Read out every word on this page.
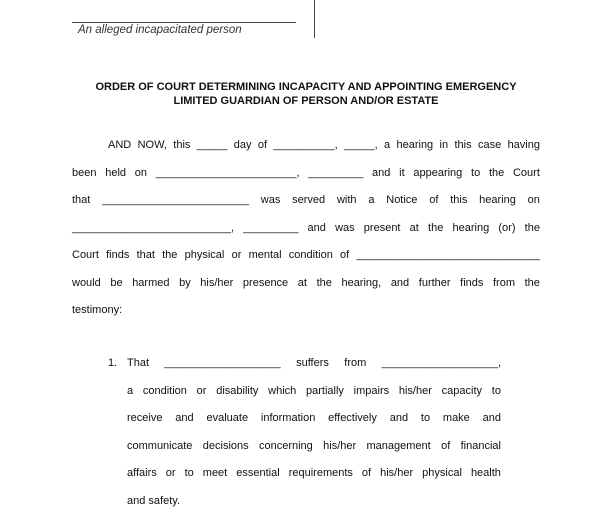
An alleged incapacitated person
ORDER OF COURT DETERMINING INCAPACITY AND APPOINTING EMERGENCY
LIMITED GUARDIAN OF PERSON AND/OR ESTATE
AND NOW, this _____ day of __________, _____, a hearing in this case having
been held on _______________________, _________ and it appearing to the Court
that ________________________ was served with a Notice of this hearing on
__________________________, _________ and was present at the hearing (or) the
Court finds that the physical or mental condition of ______________________________
would be harmed by his/her presence at the hearing, and further finds from the
testimony:
1. That ___________________ suffers from ___________________,
a condition or disability which partially impairs his/her capacity to
receive and evaluate information effectively and to make and
communicate decisions concerning his/her management of financial
affairs or to meet essential requirements of his/her physical health
and safety.
